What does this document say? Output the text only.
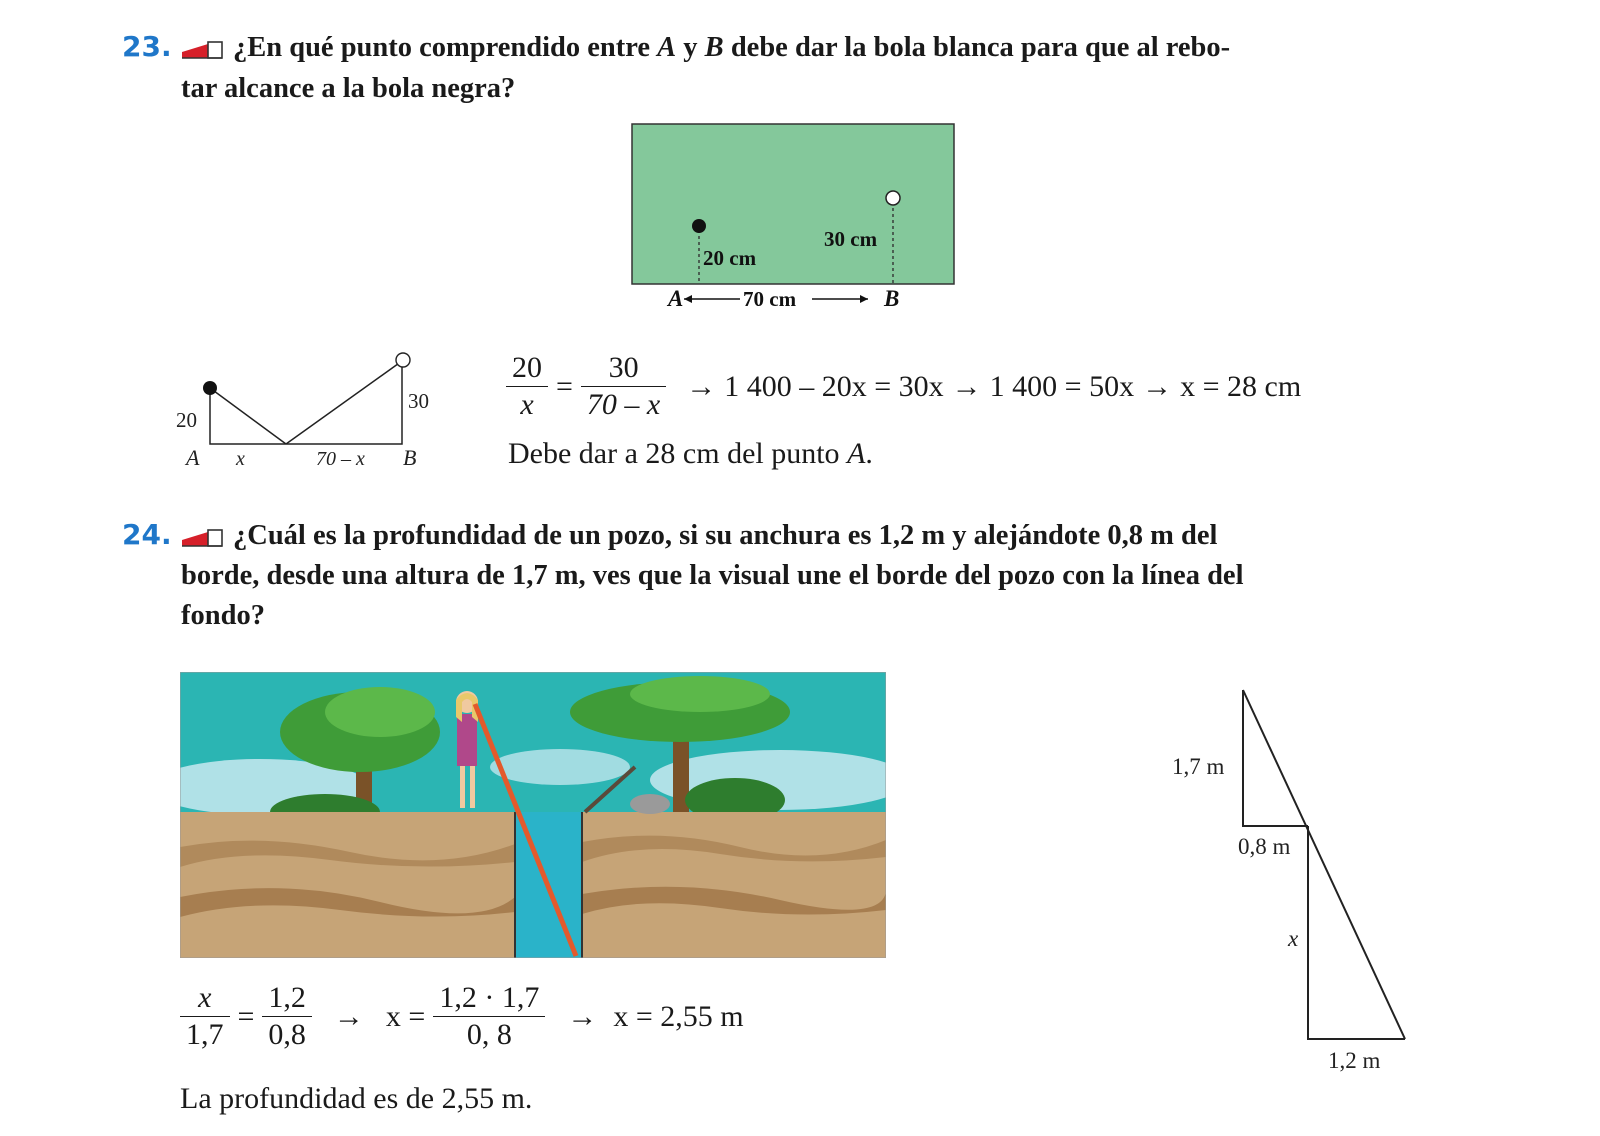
23. ¿En qué punto comprendido entre A y B debe dar la bola blanca para que al rebo-
tar alcance a la bola negra?
20 cm
30 cm
A	B
70 cm
20
30
A x	70 – x B
$\frac{20}{x} = \frac{30}{70 - x} \to 1$ 400 – 20x = 30x → 1 400 = 50x → x = 28 cm
Debe dar a 28 cm del punto A.
24. ¿Cuál es la profundidad de un pozo, si su anchura es 1,2 m y alejándote 0,8 m del
borde, desde una altura de 1,7 m, ves que la visual une el borde del pozo con la línea del
fondo?
1,7 m
0,8 m
x
1,2 m
$\frac{x}{1,7} = \frac{1,2}{0,8} \to x = \frac{1,2 \cdot 1,7}{0, 8} \to x = 2,55$ m
La profundidad es de 2,55 m.
